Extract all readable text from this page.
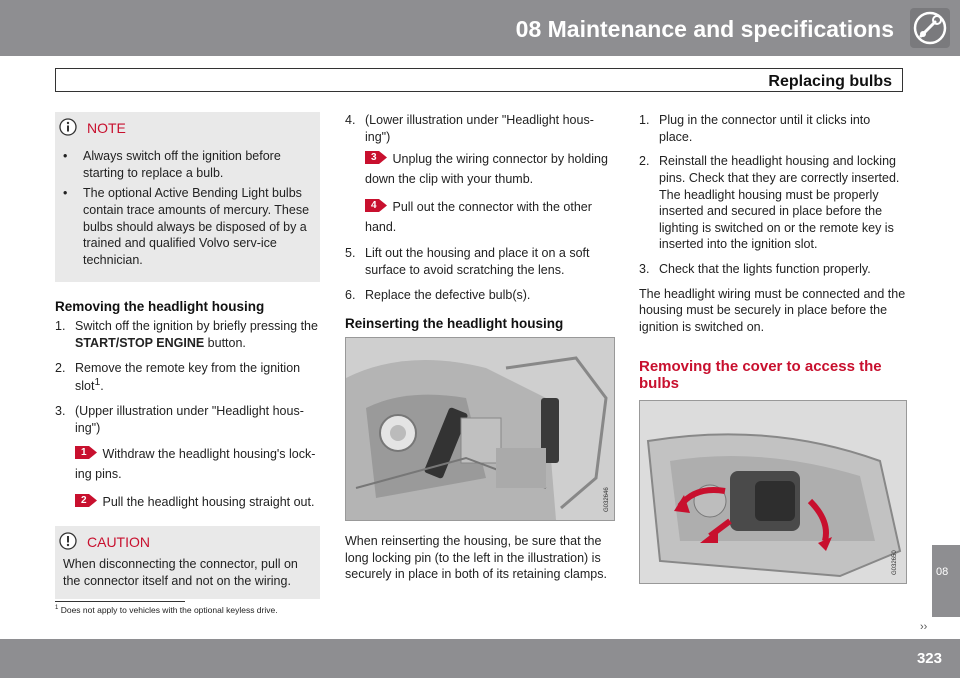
08 Maintenance and specifications
Replacing bulbs
NOTE
•	Always switch off the ignition before starting to replace a bulb.
•	The optional Active Bending Light bulbs contain trace amounts of mercury. These bulbs should always be disposed of by a trained and qualified Volvo serv-ice technician.
Removing the headlight housing
1. Switch off the ignition by briefly pressing the START/STOP ENGINE button.
2. Remove the remote key from the ignition slot$^1$.
3. (Upper illustration under "Headlight hous-ing")
1 Withdraw the headlight housing's lock-ing pins.
2 Pull the headlight housing straight out.
CAUTION
When disconnecting the connector, pull on the connector itself and not on the wiring.
4. (Lower illustration under "Headlight hous-ing")
3 Unplug the wiring connector by holding down the clip with your thumb.
4 Pull out the connector with the other hand.
5. Lift out the housing and place it on a soft surface to avoid scratching the lens.
6. Replace the defective bulb(s).
Reinserting the headlight housing
G032646
When reinserting the housing, be sure that the long locking pin (to the left in the illustration) is securely in place in both of its retaining clamps.
1. Plug in the connector until it clicks into place.
2. Reinstall the headlight housing and locking pins. Check that they are correctly inserted. The headlight housing must be properly inserted and secured in place before the lighting is switched on or the remote key is inserted into the ignition slot.
3. Check that the lights function properly.
The headlight wiring must be connected and the housing must be securely in place before the ignition is switched on.
Removing the cover to access the bulbs
G032650
$^1$ Does not apply to vehicles with the optional keyless drive.
08
››
323
